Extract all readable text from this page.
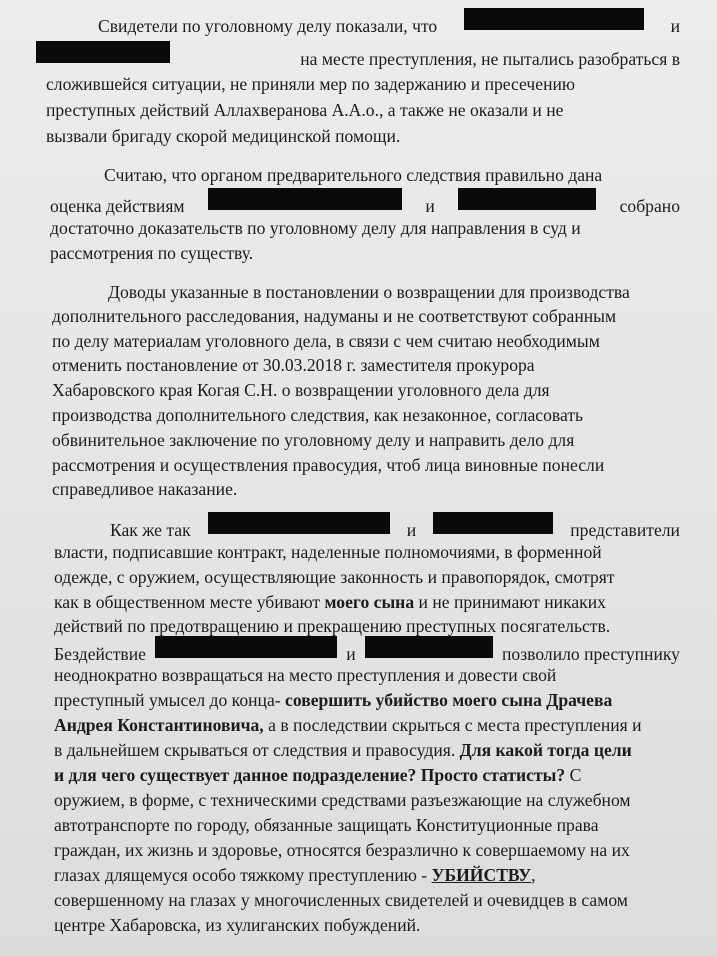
Свидетели по уголовному делу показали, что	и
на месте преступления, не пытались разобраться в
сложившейся ситуации, не приняли мер по задержанию и пресечению
преступных действий Аллахверанова А.А.о., а также не оказали и не
вызвали бригаду скорой медицинской помощи.
Считаю, что органом предварительного следствия правильно дана
оценка действиям	и	собрано
достаточно доказательств по уголовному делу для направления в суд и
рассмотрения по существу.
Доводы указанные в постановлении о возвращении для производства
дополнительного расследования, надуманы и не соответствуют собранным
по делу материалам уголовного дела, в связи с чем считаю необходимым
отменить постановление от 30.03.2018 г. заместителя прокурора
Хабаровского края Когая С.Н. о возвращении уголовного дела для
производства дополнительного следствия, как незаконное, согласовать
обвинительное заключение по уголовному делу и направить дело для
рассмотрения и осуществления правосудия, чтоб лица виновные понесли
справедливое наказание.
Как же так	и	представители
власти, подписавшие контракт, наделенные полномочиями, в форменной
одежде, с оружием, осуществляющие законность и правопорядок, смотрят
как в общественном месте убивают моего сына и не принимают никаких
действий по предотвращению и прекращению преступных посягательств.
Бездействие	и	позволило преступнику
неоднократно возвращаться на место преступления и довести свой
преступный умысел до конца- совершить убийство моего сына Драчева
Андрея Константиновича, а в последствии скрыться с места преступления и
в дальнейшем скрываться от следствия и правосудия. Для какой тогда цели
и для чего существует данное подразделение? Просто статисты? С
оружием, в форме, с техническими средствами разъезжающие на служебном
автотранспорте по городу, обязанные защищать Конституционные права
граждан, их жизнь и здоровье, относятся безразлично к совершаемому на их
глазах длящемуся особо тяжкому преступлению - УБИЙСТВУ,
совершенному на глазах у многочисленных свидетелей и очевидцев в самом
центре Хабаровска, из хулиганских побуждений.
